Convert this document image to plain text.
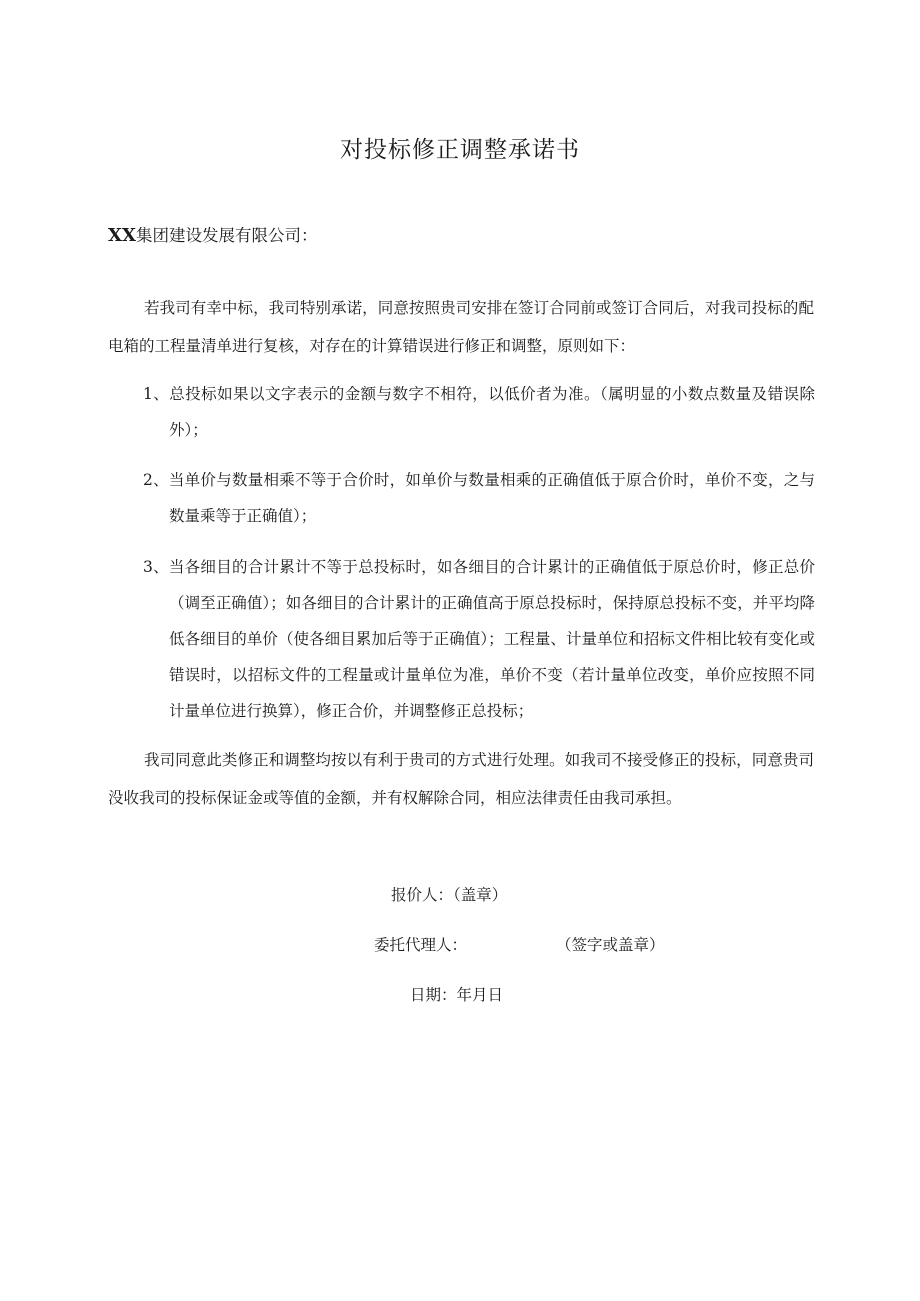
对投标修正调整承诺书
XX集团建设发展有限公司：
若我司有幸中标，我司特别承诺，同意按照贵司安排在签订合同前或签订合同后，对我司投标的配电箱的工程量清单进行复核，对存在的计算错误进行修正和调整，原则如下：
1、总投标如果以文字表示的金额与数字不相符，以低价者为准。（属明显的小数点数量及错误除外）；
2、当单价与数量相乘不等于合价时，如单价与数量相乘的正确值低于原合价时，单价不变，之与数量乘等于正确值）；
3、当各细目的合计累计不等于总投标时，如各细目的合计累计的正确值低于原总价时，修正总价（调至正确值）；如各细目的合计累计的正确值高于原总投标时，保持原总投标不变，并平均降低各细目的单价（使各细目累加后等于正确值）；工程量、计量单位和招标文件相比较有变化或错误时，以招标文件的工程量或计量单位为准，单价不变（若计量单位改变，单价应按照不同计量单位进行换算），修正合价，并调整修正总投标；
我司同意此类修正和调整均按以有利于贵司的方式进行处理。如我司不接受修正的投标，同意贵司没收我司的投标保证金或等值的金额，并有权解除合同，相应法律责任由我司承担。
报价人：（盖章）
委托代理人：	（签字或盖章）
日期：年月日
